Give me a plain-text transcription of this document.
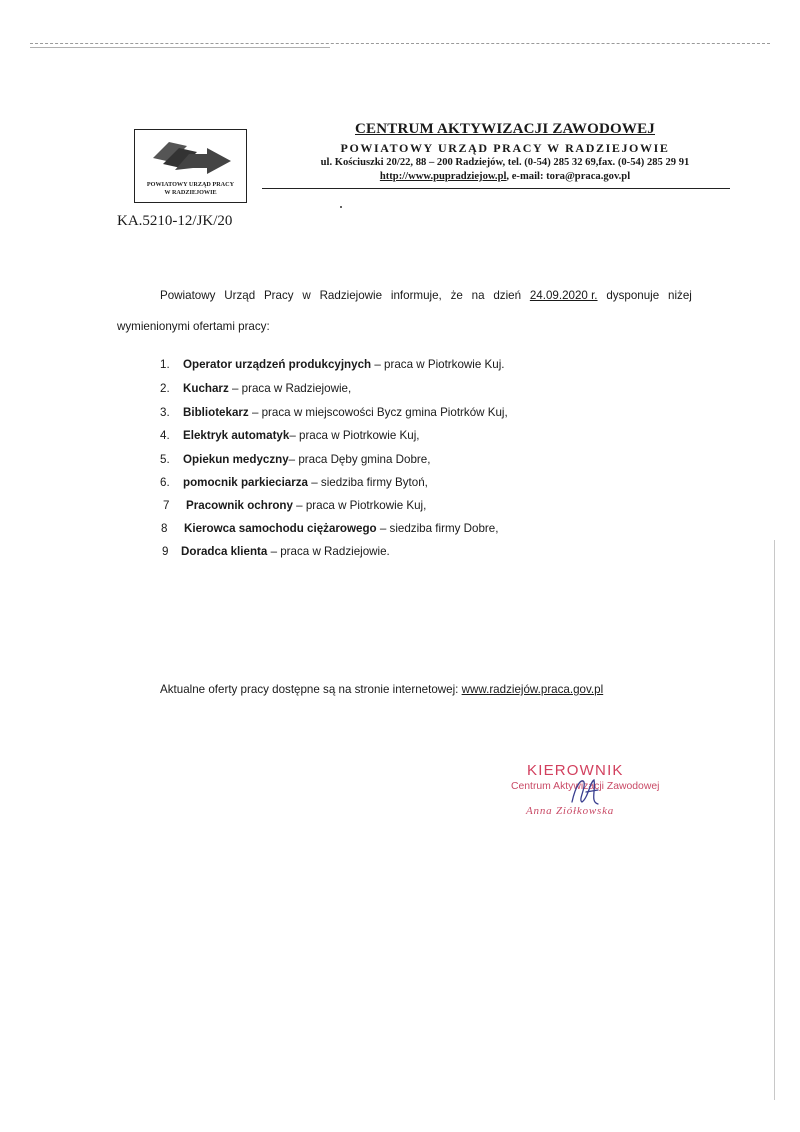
POWIATOWY URZĄD PRACY
W RADZIEJOWIE
CENTRUM AKTYWIZACJI ZAWODOWEJ
POWIATOWY URZĄD PRACY W RADZIEJOWIE
ul. Kościuszki 20/22, 88 – 200 Radziejów, tel. (0-54) 285 32 69,fax. (0-54) 285 29 91
http://www.pupradziejow.pl, e-mail: tora@praca.gov.pl
KA.5210-12/JK/20
Powiatowy Urząd Pracy w Radziejowie informuje, że na dzień 24.09.2020 r. dysponuje niżej
wymienionymi ofertami pracy:
1. Operator urządzeń produkcyjnych – praca w Piotrkowie Kuj.
2. Kucharz – praca w Radziejowie,
3. Bibliotekarz – praca w miejscowości Bycz gmina Piotrków Kuj,
4. Elektryk automatyk– praca w Piotrkowie Kuj,
5. Opiekun medyczny– praca Dęby gmina Dobre,
6. pomocnik parkieciarza – siedziba firmy Bytoń,
7 Pracownik ochrony – praca w Piotrkowie Kuj,
8 Kierowca samochodu ciężarowego – siedziba firmy Dobre,
9 Doradca klienta – praca w Radziejowie.
Aktualne oferty pracy dostępne są na stronie internetowej: www.radziejów.praca.gov.pl
KIEROWNIK
Centrum Aktywizacji Zawodowej
Anna Ziółkowska
